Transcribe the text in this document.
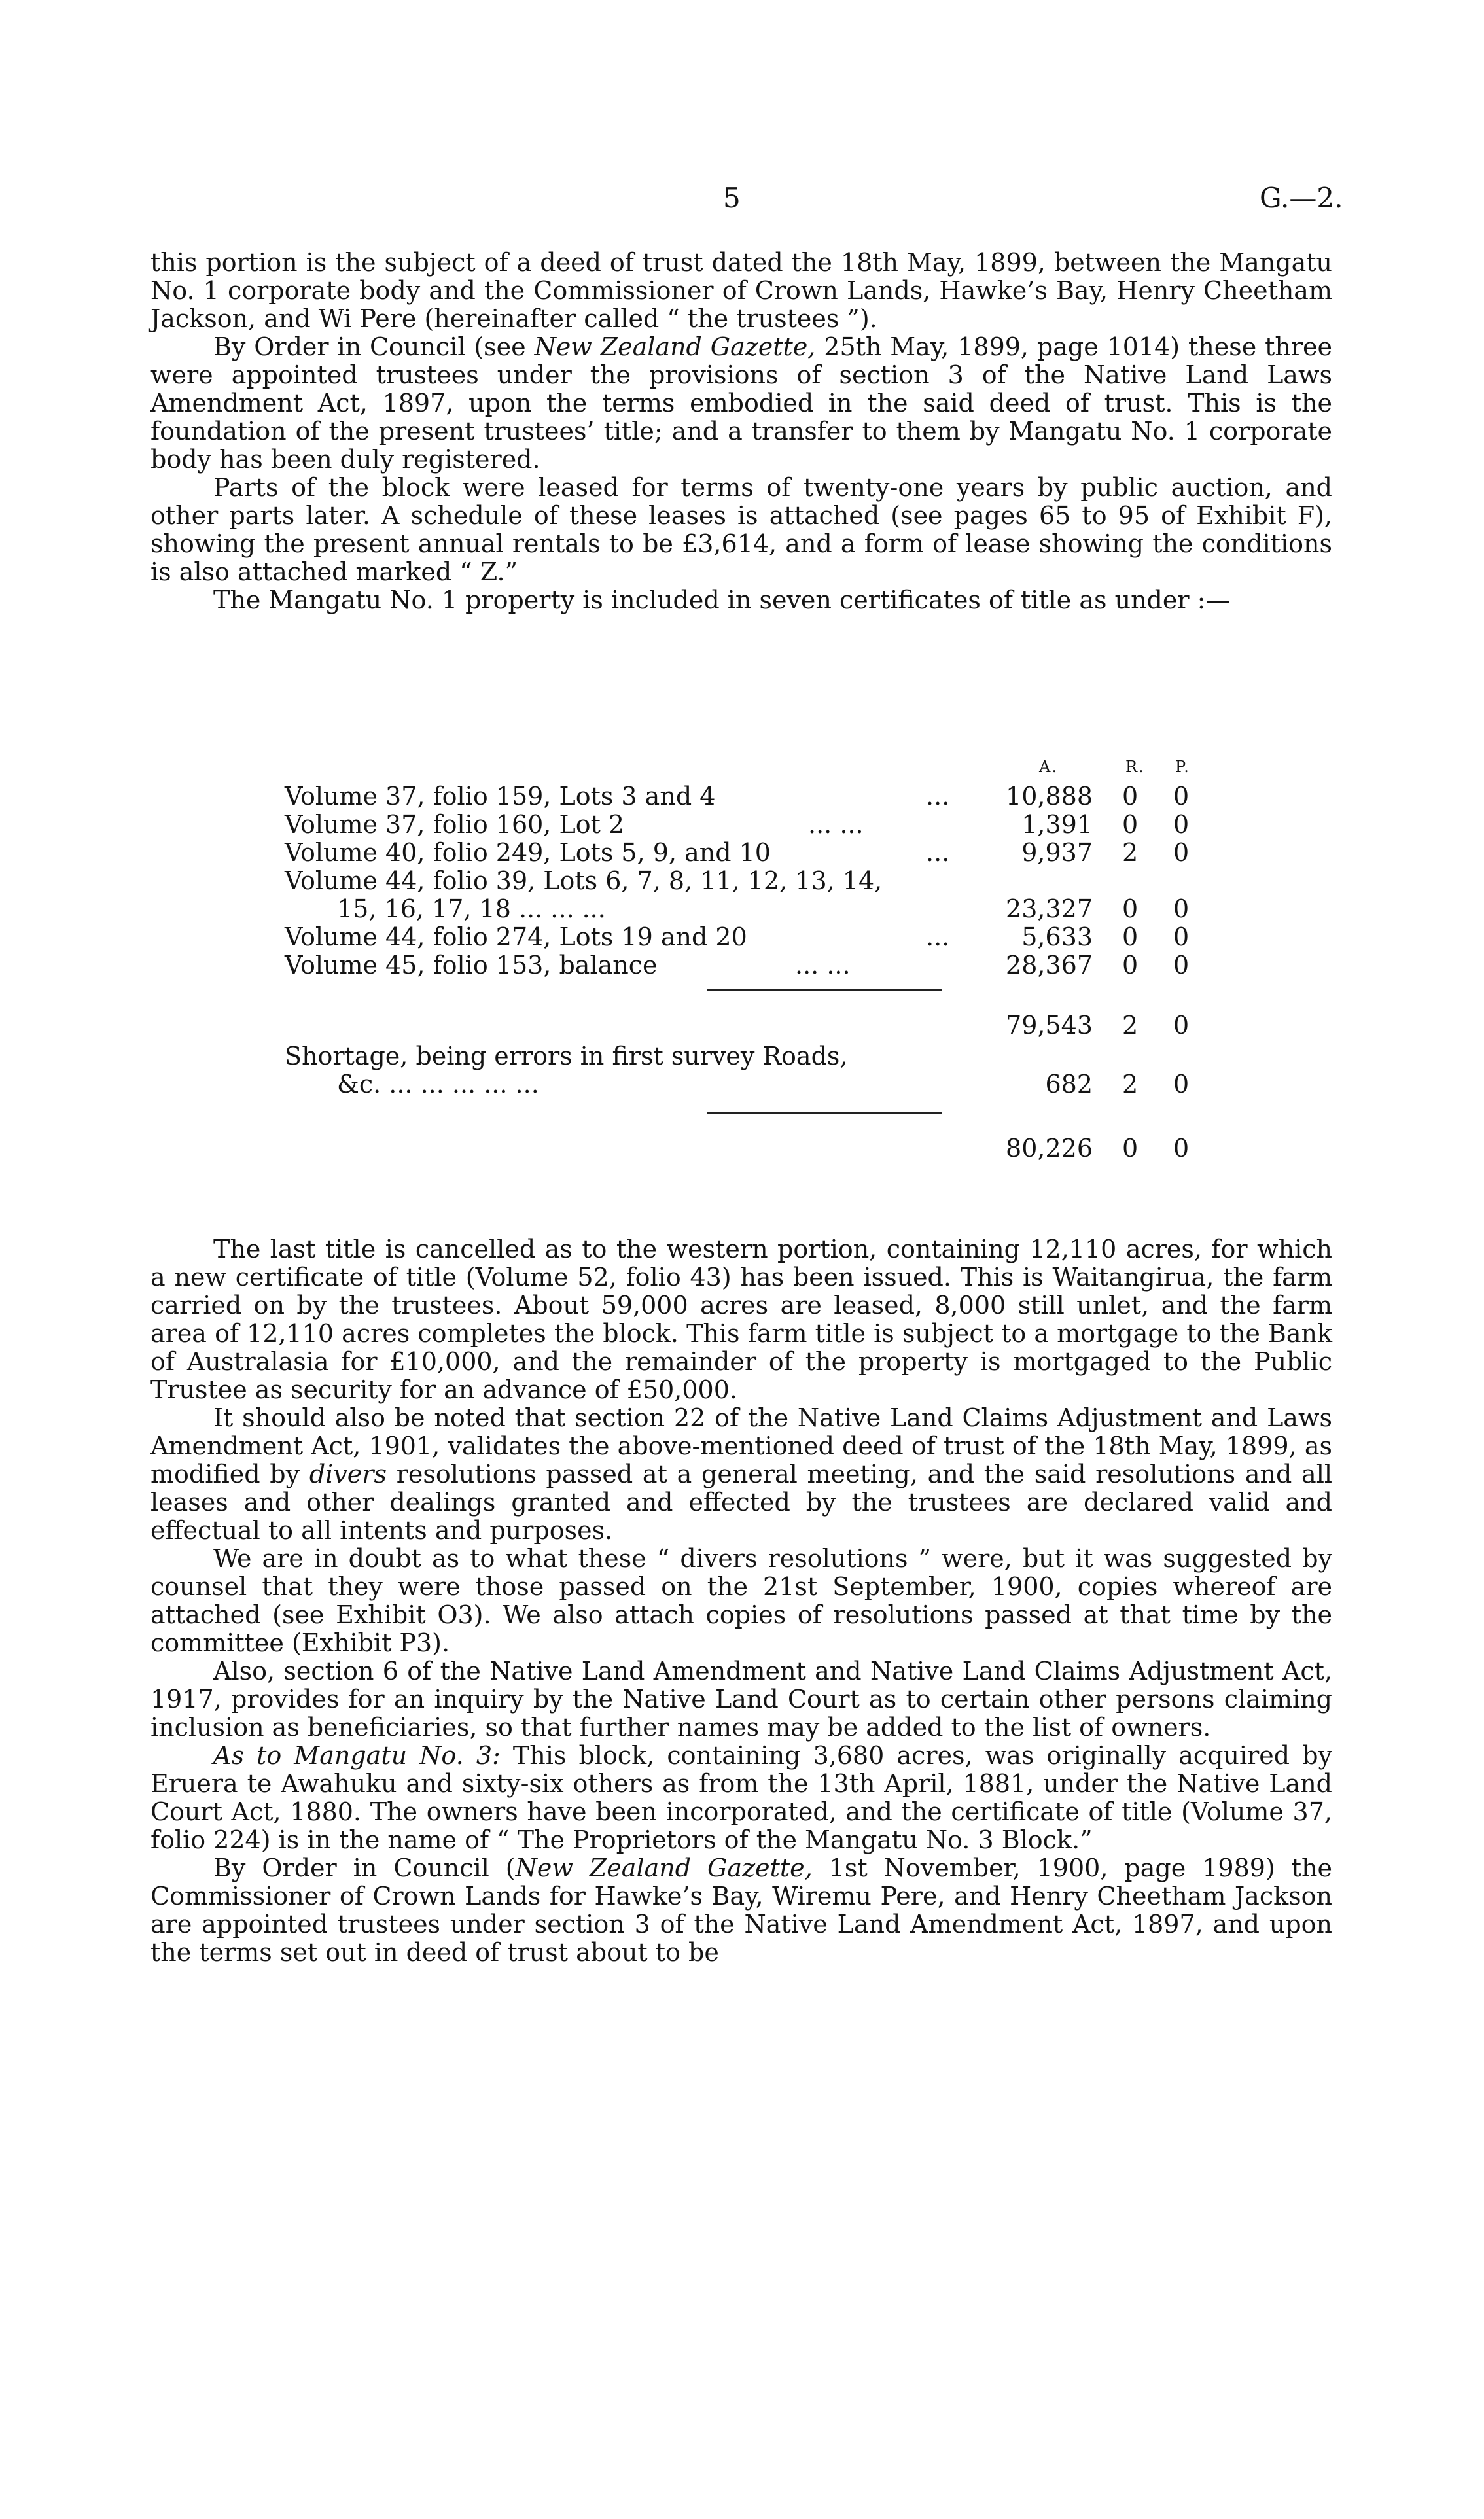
5	G.—2.

this portion is the subject of a deed of trust dated the 18th May, 1899, between the Mangatu No. 1 corporate body and the Commissioner of Crown Lands, Hawke’s Bay, Henry Cheetham Jackson, and Wi Pere (hereinafter called “ the trustees ”).

By Order in Council (see New Zealand Gazette, 25th May, 1899, page 1014) these three were appointed trustees under the provisions of section 3 of the Native Land Laws Amendment Act, 1897, upon the terms embodied in the said deed of trust. This is the foundation of the present trustees’ title; and a transfer to them by Mangatu No. 1 corporate body has been duly registered.

Parts of the block were leased for terms of twenty-one years by public auction, and other parts later. A schedule of these leases is attached (see pages 65 to 95 of Exhibit F), showing the present annual rentals to be £3,614, and a form of lease showing the conditions is also attached marked “ Z.”

The Mangatu No. 1 property is included in seven certificates of title as under :—

A.	R. P.
Volume 37, folio 159, Lots 3 and 4	... 10,888 0 0
Volume 37, folio 160, Lot 2	... ...	1,391 0 0
Volume 40, folio 249, Lots 5, 9, and 10	...	9,937 2 0
Volume 44, folio 39, Lots 6, 7, 8, 11, 12, 13, 14,
15, 16, 17, 18 ... ... ...	23,327 0 0
Volume 44, folio 274, Lots 19 and 20	...	5,633 0 0
Volume 45, folio 153, balance	... ...	28,367 0 0
79,543 2 0
Shortage, being errors in first survey Roads,
&c. ... ... ... ... ...	682 2 0
80,226 0 0

The last title is cancelled as to the western portion, containing 12,110 acres, for which a new certificate of title (Volume 52, folio 43) has been issued. This is Waitangirua, the farm carried on by the trustees. About 59,000 acres are leased, 8,000 still unlet, and the farm area of 12,110 acres completes the block. This farm title is subject to a mortgage to the Bank of Australasia for £10,000, and the remainder of the property is mortgaged to the Public Trustee as security for an advance of £50,000.

It should also be noted that section 22 of the Native Land Claims Adjustment and Laws Amendment Act, 1901, validates the above-mentioned deed of trust of the 18th May, 1899, as modified by divers resolutions passed at a general meeting, and the said resolutions and all leases and other dealings granted and effected by the trustees are declared valid and effectual to all intents and purposes.

We are in doubt as to what these “ divers resolutions ” were, but it was suggested by counsel that they were those passed on the 21st September, 1900, copies whereof are attached (see Exhibit O3). We also attach copies of resolutions passed at that time by the committee (Exhibit P3).

Also, section 6 of the Native Land Amendment and Native Land Claims Adjustment Act, 1917, provides for an inquiry by the Native Land Court as to certain other persons claiming inclusion as beneficiaries, so that further names may be added to the list of owners.

As to Mangatu No. 3: This block, containing 3,680 acres, was originally acquired by Eruera te Awahuku and sixty-six others as from the 13th April, 1881, under the Native Land Court Act, 1880. The owners have been incorporated, and the certificate of title (Volume 37, folio 224) is in the name of “ The Proprietors of the Mangatu No. 3 Block.”

By Order in Council (New Zealand Gazette, 1st November, 1900, page 1989) the Commissioner of Crown Lands for Hawke’s Bay, Wiremu Pere, and Henry Cheetham Jackson are appointed trustees under section 3 of the Native Land Amendment Act, 1897, and upon the terms set out in deed of trust about to be
